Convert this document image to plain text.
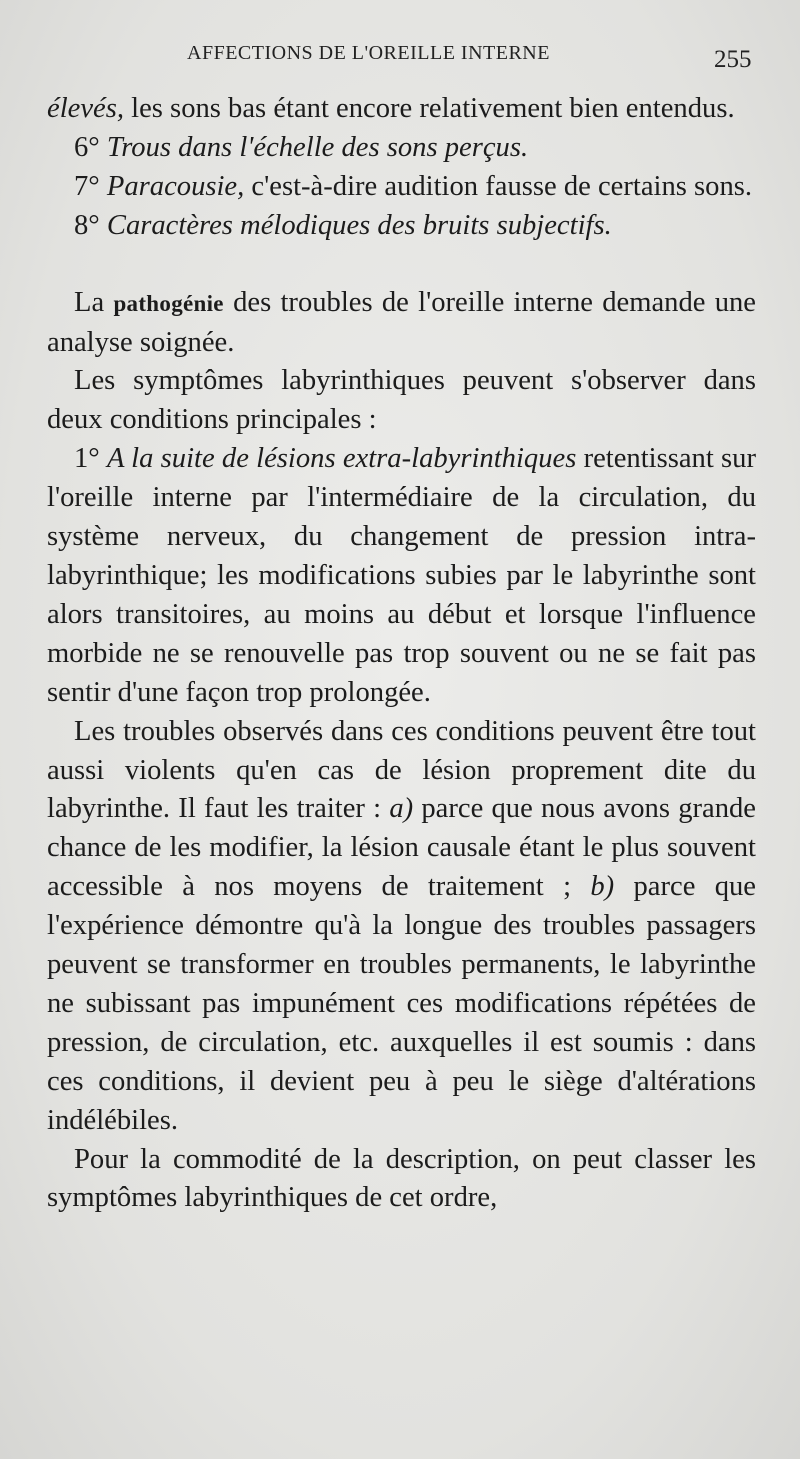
AFFECTIONS DE L'OREILLE INTERNE	255

élevés, les sons bas étant encore relativement bien entendus.

6° Trous dans l'échelle des sons perçus.

7° Paracousie, c'est-à-dire audition fausse de certains sons.

8° Caractères mélodiques des bruits subjectifs.

La pathogénie des troubles de l'oreille interne demande une analyse soignée.

Les symptômes labyrinthiques peuvent s'observer dans deux conditions principales :

1° A la suite de lésions extra-labyrinthiques retentissant sur l'oreille interne par l'intermédiaire de la circulation, du système nerveux, du changement de pression intra-labyrinthique; les modifications subies par le labyrinthe sont alors transitoires, au moins au début et lorsque l'influence morbide ne se renouvelle pas trop souvent ou ne se fait pas sentir d'une façon trop prolongée.

Les troubles observés dans ces conditions peuvent être tout aussi violents qu'en cas de lésion proprement dite du labyrinthe. Il faut les traiter : a) parce que nous avons grande chance de les modifier, la lésion causale étant le plus souvent accessible à nos moyens de traitement ; b) parce que l'expérience démontre qu'à la longue des troubles passagers peuvent se transformer en troubles permanents, le labyrinthe ne subissant pas impunément ces modifications répétées de pression, de circulation, etc. auxquelles il est soumis : dans ces conditions, il devient peu à peu le siège d'altérations indélébiles.

Pour la commodité de la description, on peut classer les symptômes labyrinthiques de cet ordre,
